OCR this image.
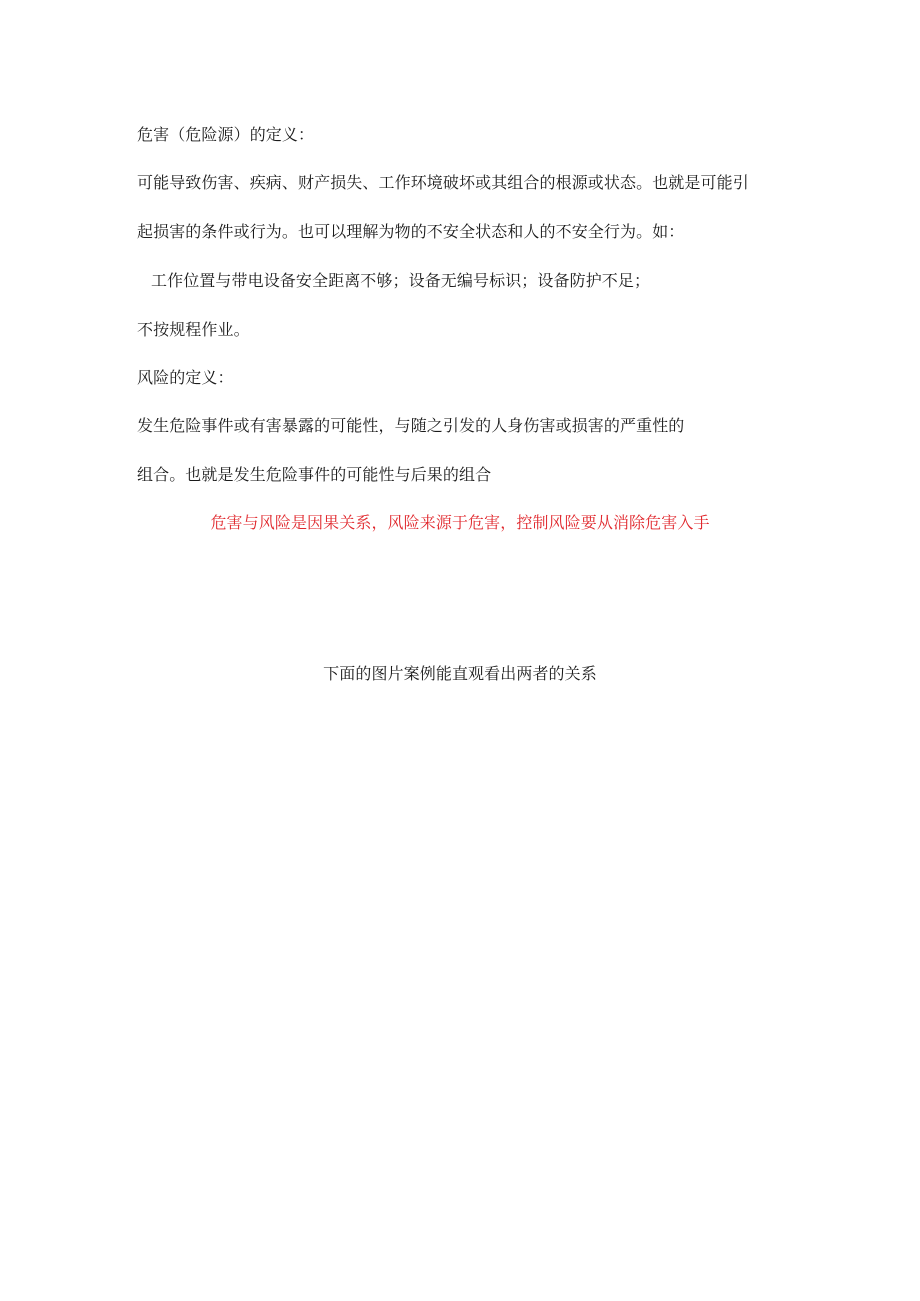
危害（危险源）的定义：
可能导致伤害、疾病、财产损失、工作环境破坏或其组合的根源或状态。也就是可能引
起损害的条件或行为。也可以理解为物的不安全状态和人的不安全行为。如：
工作位置与带电设备安全距离不够；设备无编号标识；设备防护不足；
不按规程作业。
风险的定义：
发生危险事件或有害暴露的可能性，与随之引发的人身伤害或损害的严重性的
组合。也就是发生危险事件的可能性与后果的组合
危害与风险是因果关系，风险来源于危害，控制风险要从消除危害入手
下面的图片案例能直观看出两者的关系
